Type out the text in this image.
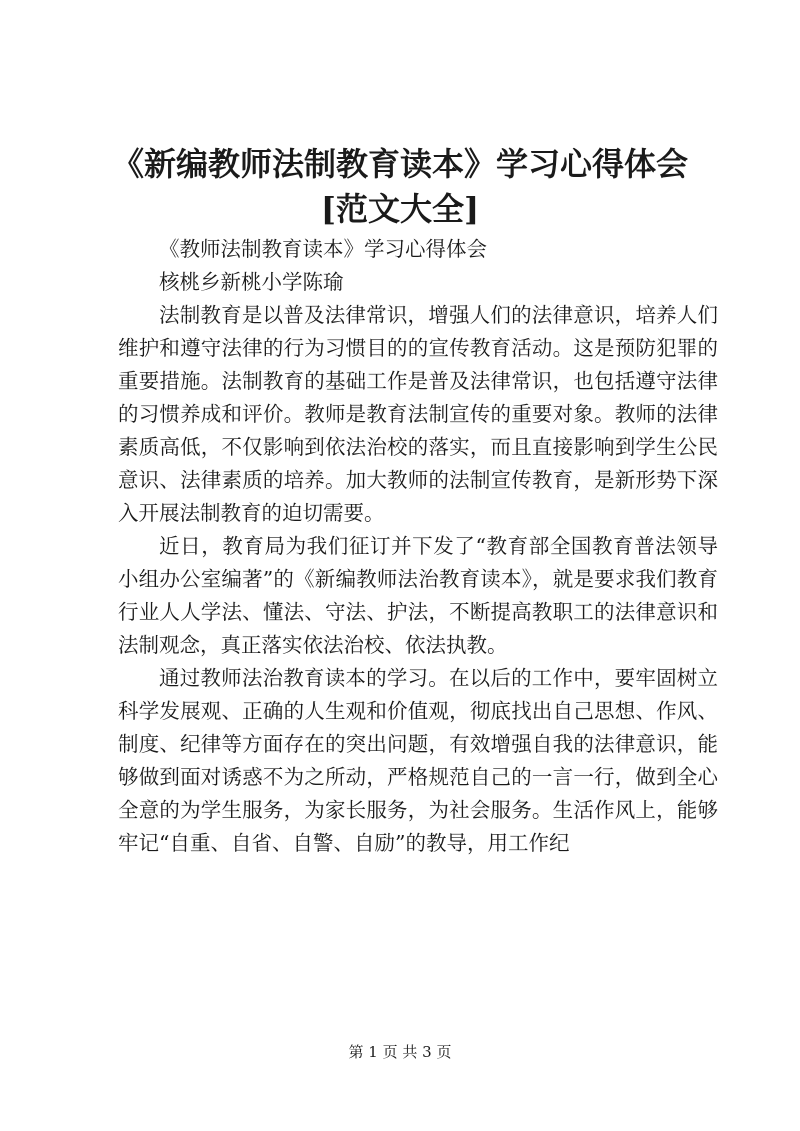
《新编教师法制教育读本》学习心得体会[范文大全]

《教师法制教育读本》学习心得体会

核桃乡新桃小学陈瑜

法制教育是以普及法律常识，增强人们的法律意识，培养人们维护和遵守法律的行为习惯目的的宣传教育活动。这是预防犯罪的重要措施。法制教育的基础工作是普及法律常识，也包括遵守法律的习惯养成和评价。教师是教育法制宣传的重要对象。教师的法律素质高低，不仅影响到依法治校的落实，而且直接影响到学生公民意识、法律素质的培养。加大教师的法制宣传教育，是新形势下深入开展法制教育的迫切需要。

近日，教育局为我们征订并下发了“教育部全国教育普法领导小组办公室编著”的《新编教师法治教育读本》，就是要求我们教育行业人人学法、懂法、守法、护法，不断提高教职工的法律意识和法制观念，真正落实依法治校、依法执教。

通过教师法治教育读本的学习。在以后的工作中，要牢固树立科学发展观、正确的人生观和价值观，彻底找出自己思想、作风、制度、纪律等方面存在的突出问题，有效增强自我的法律意识，能够做到面对诱惑不为之所动，严格规范自己的一言一行，做到全心全意的为学生服务，为家长服务，为社会服务。生活作风上，能够牢记“自重、自省、自警、自励”的教导，用工作纪

第 1 页 共 3 页
